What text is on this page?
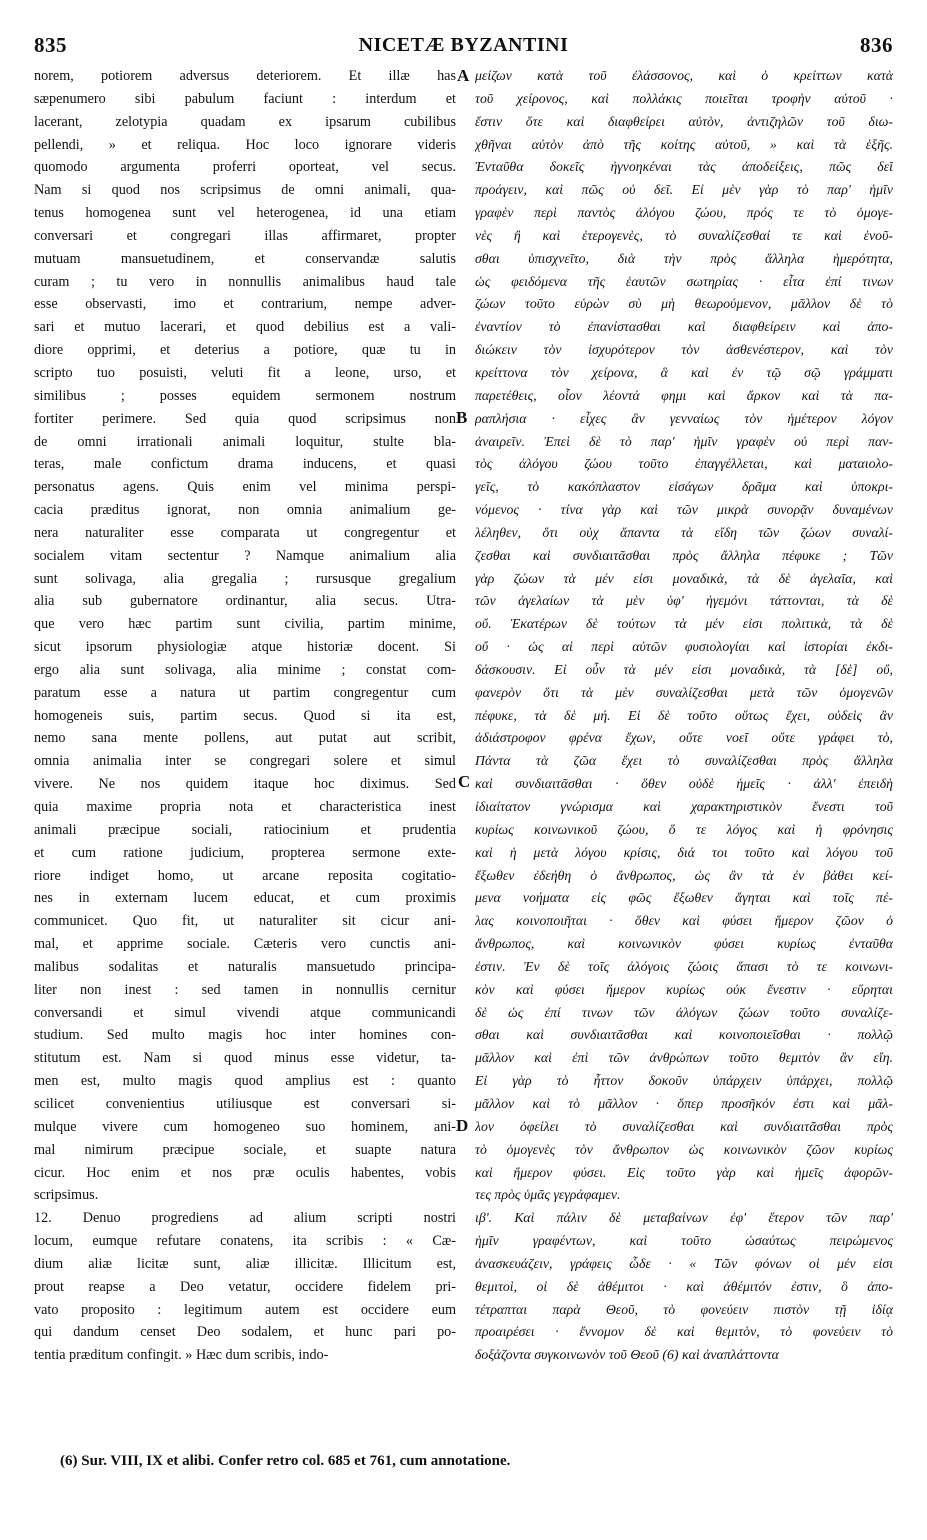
835	NICETÆ BYZANTINI	836
norem, potiorem adversus deteriorem. Et illæ has
sæpenumero sibi pabulum faciunt : interdum et
lacerant, zelotypia quadam ex ipsarum cubilibus
pellendi, » et reliqua. Hoc loco ignorare videris
quomodo argumenta proferri oporteat, vel secus.
Nam si quod nos scripsimus de omni animali, qua-
tenus homogenea sunt vel heterogenea, id una etiam
conversari et congregari illas affirmaret, propter
mutuam mansuetudinem, et conservandæ salutis
curam ; tu vero in nonnullis animalibus haud tale
esse observasti, imo et contrarium, nempe adver-
sari et mutuo lacerari, et quod debilius est a vali-
diore opprimi, et deterius a potiore, quæ tu in
scripto tuo posuisti, veluti fit a leone, urso, et
similibus ; posses equidem sermonem nostrum
fortiter perimere. Sed quia quod scripsimus non
de omni irrationali animali loquitur, stulte bla-
teras, male confictum drama inducens, et quasi
personatus agens. Quis enim vel minima perspi-
cacia præditus ignorat, non omnia animalium ge-
nera naturaliter esse comparata ut congregentur et
socialem vitam sectentur ? Namque animalium alia
sunt solivaga, alia gregalia ; rursusque gregalium
alia sub gubernatore ordinantur, alia secus. Utra-
que vero hæc partim sunt civilia, partim minime,
sicut ipsorum physiologiæ atque historiæ docent. Si
ergo alia sunt solivaga, alia minime ; constat com-
paratum esse a natura ut partim congregentur cum
homogeneis suis, partim secus. Quod si ita est,
nemo sana mente pollens, aut putat aut scribit,
omnia animalia inter se congregari solere et simul
vivere. Ne nos quidem itaque hoc diximus. Sed
quia maxime propria nota et characteristica inest
animali præcipue sociali, ratiocinium et prudentia
et cum ratione judicium, propterea sermone exte-
riore indiget homo, ut arcane reposita cogitatio-
nes in externam lucem educat, et cum proximis
communicet. Quo fit, ut naturaliter sit cicur ani-
mal, et apprime sociale. Cæteris vero cunctis ani-
malibus sodalitas et naturalis mansuetudo principa-
liter non inest : sed tamen in nonnullis cernitur
conversandi et simul vivendi atque communicandi
studium. Sed multo magis hoc inter homines con-
stitutum est. Nam si quod minus esse videtur, ta-
men est, multo magis quod amplius est : quanto
scilicet convenientius utiliusque est conversari si-
mulque vivere cum homogeneo suo hominem, ani-
mal nimirum præcipue sociale, et suapte natura
cicur. Hoc enim et nos præ oculis habentes, vobis
scripsimus.
12. Denuo progrediens ad alium scripti nostri
locum, eumque refutare conatens, ita scribis : « Cæ-
dium aliæ licitæ sunt, aliæ illicitæ. Illicitum est,
prout reapse a Deo vetatur, occidere fidelem pri-
vato proposito : legitimum autem est occidere eum
qui dandum censet Deo sodalem, et hunc pari po-
tentia præditum confingit. » Hæc dum scribis, indo-
μείζων κατὰ τοῦ ἐλάσσονος, καὶ ὁ κρείττων κατὰ
τοῦ χείρονος, καὶ πολλάκις ποιεῖται τροφὴν αὐτοῦ ·
ἔστιν ὅτε καὶ διαφθείρει αὐτὸν, ἀντιζηλῶν τοῦ διω-
χθῆναι αὐτὸν ἀπὸ τῆς κοίτης αὐτοῦ, » καὶ τὰ ἑξῆς.
Ἐνταῦθα δοκεῖς ἠγνοηκέναι τὰς ἀποδείξεις, πῶς δεῖ
προάγειν, καὶ πῶς οὐ δεῖ. Εἰ μὲν γὰρ τὸ παρ' ἡμῖν
γραφὲν περὶ παντὸς ἀλόγου ζώου, πρός τε τὸ ὁμογε-
νὲς ἢ καὶ ἑτερογενὲς, τὸ συναλίζεσθαί τε καὶ ἑνοῦ-
σθαι ὑπισχνεῖτο, διὰ τὴν πρὸς ἄλληλα ἡμερότητα,
ὡς φειδόμενα τῆς ἑαυτῶν σωτηρίας · εἶτα ἐπί τινων
ζώων τοῦτο εὑρὼν σὺ μὴ θεωρούμενον, μᾶλλον δὲ τὸ
ἐναντίον τὸ ἐπανίστασθαι καὶ διαφθείρειν καὶ ἀπο-
διώκειν τὸν ἰσχυρότερον τὸν ἀσθενέστερον, καὶ τὸν
κρείττονα τὸν χείρονα, ἃ καὶ ἐν τῷ σῷ γράμματι
παρετέθεις, οἷον λέοντά φημι καὶ ἄρκον καὶ τὰ πα-
ραπλήσια · εἶχες ἂν γενναίως τὸν ἡμέτερον λόγον
ἀναιρεῖν. Ἐπεὶ δὲ τὸ παρ' ἡμῖν γραφὲν οὐ περὶ παν-
τὸς ἀλόγου ζώου τοῦτο ἐπαγγέλλεται, καὶ ματαιολο-
γεῖς, τὸ κακόπλαστον εἰσάγων δρᾶμα καὶ ὑποκρι-
νόμενος · τίνα γὰρ καὶ τῶν μικρὰ συνορᾷν δυναμένων
λέληθεν, ὅτι οὐχ ἅπαντα τὰ εἴδη τῶν ζώων συναλί-
ζεσθαι καὶ συνδιαιτᾶσθαι πρὸς ἄλληλα πέφυκε ; Τῶν
γὰρ ζώων τὰ μέν εἰσι μοναδικὰ, τὰ δὲ ἀγελαῖα, καὶ
τῶν ἀγελαίων τὰ μὲν ὑφ' ἡγεμόνι τάττονται, τὰ δὲ
οὔ. Ἑκατέρων δὲ τούτων τὰ μέν εἰσι πολιτικὰ, τὰ δὲ
οὔ · ὡς αἱ περὶ αὐτῶν φυσιολογίαι καὶ ἱστορίαι ἐκδι-
δάσκουσιν. Εἰ οὖν τὰ μέν εἰσι μοναδικὰ, τὰ [δὲ] οὔ,
φανερὸν ὅτι τὰ μὲν συναλίζεσθαι μετὰ τῶν ὁμογενῶν
πέφυκε, τὰ δὲ μή. Εἰ δὲ τοῦτο οὕτως ἔχει, οὐδεὶς ἂν
ἀδιάστροφον φρένα ἔχων, οὔτε νοεῖ οὔτε γράφει τὸ,
Πάντα τὰ ζῶα ἔχει τὸ συναλίζεσθαι πρὸς ἄλληλα
καὶ συνδιαιτᾶσθαι · ὅθεν οὐδὲ ἡμεῖς · ἀλλ' ἐπειδὴ
ἰδιαίτατον γνώρισμα καὶ χαρακτηριστικὸν ἔνεστι τοῦ
κυρίως κοινωνικοῦ ζώου, ὅ τε λόγος καὶ ἡ φρόνησις
καὶ ἡ μετὰ λόγου κρίσις, διά τοι τοῦτο καὶ λόγου τοῦ
ἔξωθεν ἐδεήθη ὁ ἄνθρωπος, ὡς ἂν τὰ ἐν βάθει κεί-
μενα νοήματα εἰς φῶς ἔξωθεν ἄγηται καὶ τοῖς πέ-
λας κοινοποιῆται · ὅθεν καὶ φύσει ἥμερον ζῶον ὁ
ἄνθρωπος, καὶ κοινωνικὸν φύσει κυρίως ἐνταῦθα
ἐστιν. Ἐν δὲ τοῖς ἀλόγοις ζώοις ἅπασι τὸ τε κοινωνι-
κὸν καὶ φύσει ἥμερον κυρίως οὐκ ἔνεστιν · εὕρηται
δὲ ὡς ἐπί τινων τῶν ἀλόγων ζώων τοῦτο συναλίζε-
σθαι καὶ συνδιαιτᾶσθαι καὶ κοινοποιεῖσθαι · πολλῷ
μᾶλλον καὶ ἐπὶ τῶν ἀνθρώπων τοῦτο θεμιτὸν ἂν εἴη.
Εἰ γὰρ τὸ ἧττον δοκοῦν ὑπάρχειν ὑπάρχει, πολλῷ
μᾶλλον καὶ τὸ μᾶλλον · ὅπερ προσῆκόν ἐστι καὶ μᾶλ-
λον ὀφείλει τὸ συναλίζεσθαι καὶ συνδιαιτᾶσθαι πρὸς
τὸ ὁμογενὲς τὸν ἄνθρωπον ὡς κοινωνικὸν ζῶον κυρίως
καὶ ἥμερον φύσει. Εἰς τοῦτο γὰρ καὶ ἡμεῖς ἀφορῶν-
τες πρὸς ὑμᾶς γεγράφαμεν.
ιβ'. Καὶ πάλιν δὲ μεταβαίνων ἐφ' ἕτερον τῶν παρ'
ἡμῖν γραφέντων, καὶ τοῦτο ὡσαύτως πειρώμενος
ἀνασκευάζειν, γράφεις ὧδε · « Τῶν φόνων οἱ μέν εἰσι
θεμιτοὶ, οἱ δὲ ἀθέμιτοι · καὶ ἀθέμιτόν ἐστιν, ὃ ἀπο-
τέτραπται παρὰ Θεοῦ, τὸ φονεύειν πιστὸν τῇ ἰδίᾳ
προαιρέσει · ἔννομον δὲ καὶ θεμιτὸν, τὸ φονεύειν τὸ
δοξάζοντα συγκοινωνὸν τοῦ Θεοῦ (6) καὶ ἀναπλάττοντα
A
B
C
D
(6) Sur. VIII, IX et alibi. Confer retro col. 685 et 761, cum annotatione.
